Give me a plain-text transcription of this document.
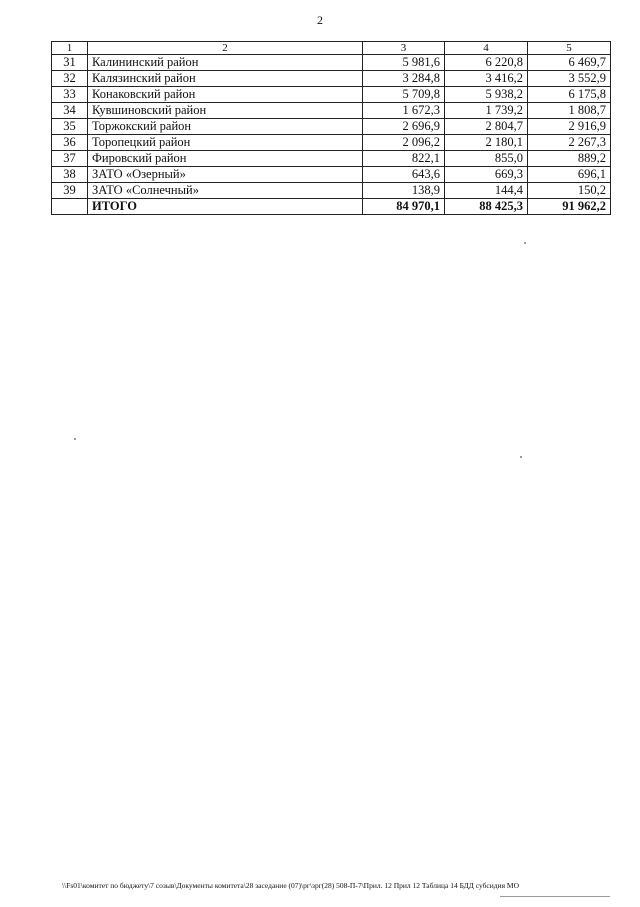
2
1	2	3	4	5
31	Калининский район	5 981,6	6 220,8	6 469,7
32	Калязинский район	3 284,8	3 416,2	3 552,9
33	Конаковский район	5 709,8	5 938,2	6 175,8
34	Кувшиновский район	1 672,3	1 739,2	1 808,7
35	Торжокский район	2 696,9	2 804,7	2 916,9
36	Торопецкий район	2 096,2	2 180,1	2 267,3
37	Фировский район	822,1	855,0	889,2
38	ЗАТО «Озерный»	643,6	669,3	696,1
39	ЗАТО «Солнечный»	138,9	144,4	150,2
	ИТОГО	84 970,1	88 425,3	91 962,2
\\Fs01\комитет по бюджету\7 созыв\Документы комитета\28 заседание (07)\рг\зрг(28) 508-П-7\Прил. 12 Прил 12 Таблица 14 БДД субсидия МО
